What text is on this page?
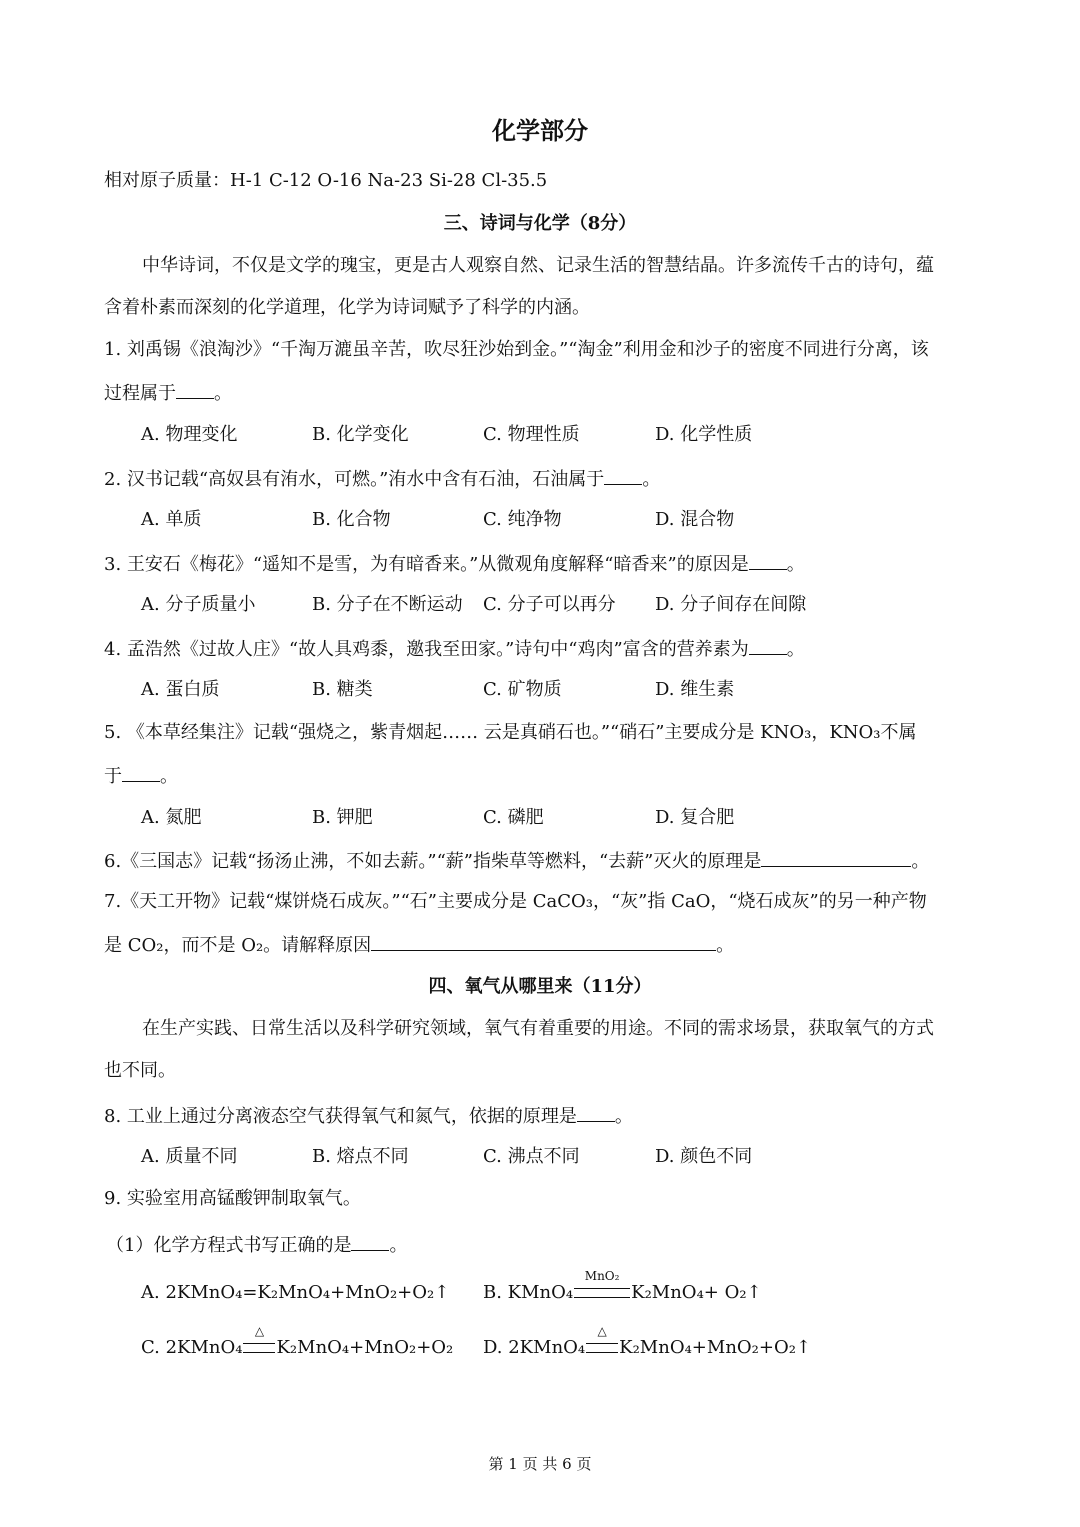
化学部分
相对原子质量：H-1 C-12 O-16 Na-23 Si-28 Cl-35.5
三、诗词与化学（8分）
中华诗词，不仅是文学的瑰宝，更是古人观察自然、记录生活的智慧结晶。许多流传千古的诗句，蕴
含着朴素而深刻的化学道理，化学为诗词赋予了科学的内涵。
1. 刘禹锡《浪淘沙》“千淘万漉虽辛苦，吹尽狂沙始到金。”“淘金”利用金和沙子的密度不同进行分离，该
过程属于 。
A. 物理变化	B. 化学变化	C. 物理性质	D. 化学性质
2. 汉书记载“高奴县有洧水，可燃。”洧水中含有石油，石油属于 。
A. 单质	B. 化合物	C. 纯净物	D. 混合物
3. 王安石《梅花》“遥知不是雪，为有暗香来。”从微观角度解释“暗香来”的原因是 。
A. 分子质量小	B. 分子在不断运动 C. 分子可以再分 D. 分子间存在间隙
4. 孟浩然《过故人庄》“故人具鸡黍，邀我至田家。”诗句中“鸡肉”富含的营养素为 。
A. 蛋白质	B. 糖类	C. 矿物质	D. 维生素
5. 《本草经集注》记载“强烧之，紫青烟起…… 云是真硝石也。”“硝石”主要成分是 KNO₃，KNO₃不属
于 。
A. 氮肥	B. 钾肥	C. 磷肥	D. 复合肥
6.《三国志》记载“扬汤止沸，不如去薪。”“薪”指柴草等燃料，“去薪”灭火的原理是	。
7.《天工开物》记载“煤饼烧石成灰。”“石”主要成分是 CaCO₃，“灰”指 CaO，“烧石成灰”的另一种产物
是 CO₂，而不是 O₂。请解释原因	。
四、氧气从哪里来（11分）
在生产实践、日常生活以及科学研究领域，氧气有着重要的用途。不同的需求场景，获取氧气的方式
也不同。
8. 工业上通过分离液态空气获得氧气和氮气，依据的原理是 。
A. 质量不同	B. 熔点不同	C. 沸点不同	D. 颜色不同
9. 实验室用高锰酸钾制取氧气。
（1）化学方程式书写正确的是 。
A. 2KMnO₄=K₂MnO₄+MnO₂+O₂↑ B. KMnO₄
MnO₂
K₂MnO₄+ O₂↑
C. 2KMnO₄
△
K₂MnO₄+MnO₂+O₂ D. 2KMnO₄
△
K₂MnO₄+MnO₂+O₂↑
第 1 页 共 6 页
